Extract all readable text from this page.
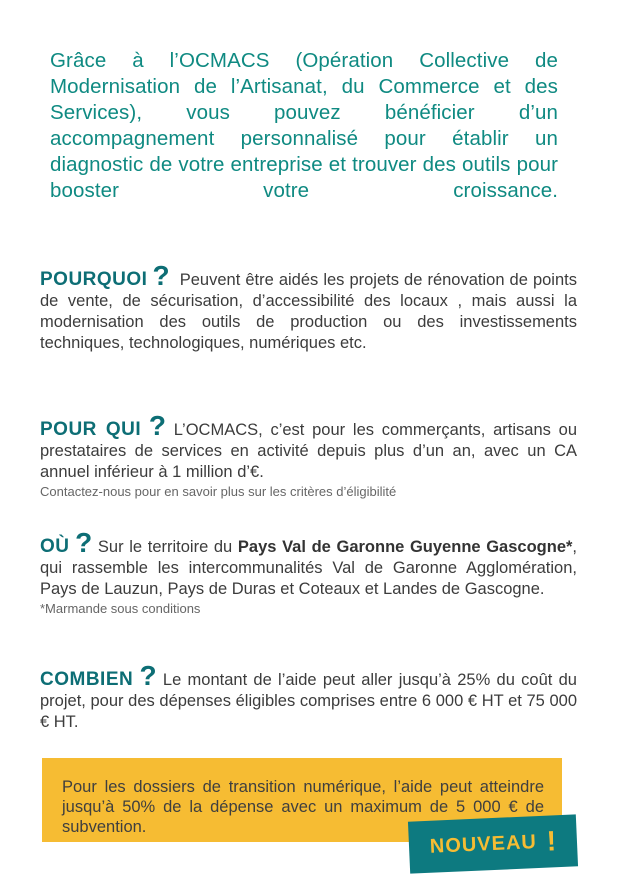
Grâce à l’OCMACS (Opération Collective de Modernisation de l’Artisanat, du Commerce et des Services), vous pouvez bénéficier d’un accompagnement personnalisé pour établir un diagnostic de votre entreprise et trouver des outils pour booster votre croissance.

POURQUOI ? Peuvent être aidés les projets de rénovation de points de vente, de sécurisation, d’accessibilité des locaux , mais aussi la modernisation des outils de production ou des investissements techniques, technologiques, numériques etc.

POUR QUI ? L’OCMACS, c’est pour les commerçants, artisans ou prestataires de services en activité depuis plus d’un an, avec un CA annuel inférieur à 1 million d’€.
Contactez-nous pour en savoir plus sur les critères d’éligibilité

OÙ ? Sur le territoire du Pays Val de Garonne Guyenne Gascogne*, qui rassemble les intercommunalités Val de Garonne Agglomération, Pays de Lauzun, Pays de Duras et Coteaux et Landes de Gascogne.
*Marmande sous conditions

COMBIEN ? Le montant de l’aide peut aller jusqu’à 25% du coût du projet, pour des dépenses éligibles comprises entre 6 000 € HT et 75 000 € HT.

Pour les dossiers de transition numérique, l’aide peut atteindre jusqu’à 50% de la dépense avec un maximum de 5 000 € de subvention.

NOUVEAU !
